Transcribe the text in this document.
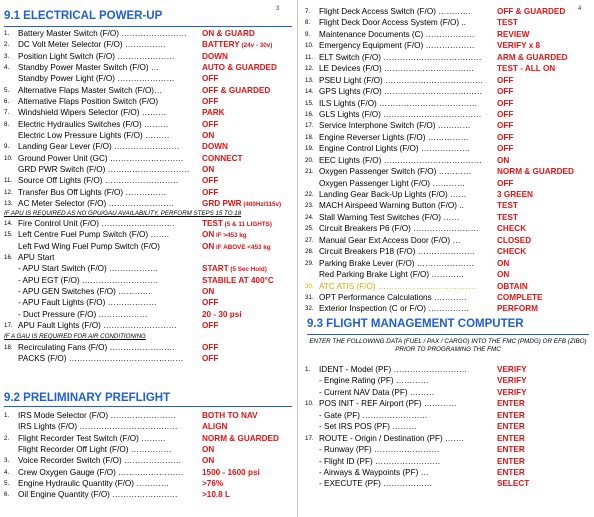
3
9.1 ELECTRICAL POWER-UP
1.	Battery Master Switch (F/O) …………………… ON & GUARD
2.	DC Volt Meter Selector (F/O) ……………	BATTERY (24v - 30v)
3.	Position Light Switch (F/O) …………………	DOWN
4.	Standby Power Master Switch (F/O) …	AUTO & GUARDED
Standby Power Light (F/O) …………………	OFF
5.	Alternative Flaps Master Switch (F/O)…	OFF & GUARDED
6.	Alternative Flaps Position Switch (F/O)	OFF
7.	Windshield Wipers Selector (F/O) ………	PARK
8.	Electric Hydraulics Switches (F/O) ………	OFF
Electric Low Pressure Lights (F/O) ………	ON
9.	Landing Gear Lever (F/O) ……………………	DOWN
10. Ground Power Unit (GC) ……………………… CONNECT
GRD PWR Switch (F/O) ………………………… ON
11. Source Off Lights (F/O) ………………………	OFF
12. Transfer Bus Off Lights (F/O) ……………	OFF
13. AC Meter Selector (F/O) ……………………	GRD PWR (400Hz/115v)
IF APU IS REQUIRED AS NO GPU/GAU AVAILABILITY, PERFORM STEPS 15 TO 18
14. Fire Control Unit (F/O) ………………………	TEST (5 & 11 LIGHTS)
15. Left Centre Fuel Pump Switch (F/O) …….	ON IF >453 kg
Left Fwd Wing Fuel Pump Switch (F/O)	ON IF ABOVE <453 kg
16. APU Start
- APU Start Switch (F/O) ………………	START (5 Sec Hold)
- APU EGT (F/O) ……………………….	STABILE AT 400°C
- APU GEN Switches (F/O) …………	ON
- APU Fault Lights (F/O) ………………	OFF
- Duct Pressure (F/O) ………………	20 - 30 psi
17. APU Fault Lights (F/O) ………………………	OFF
IF A GAU IS REQUIRED FOR AIR CONDITIONING
18. Recirculating Fans (F/O) ……………………	OFF
PACKS (F/O) …………………………………… OFF
9.2 PRELIMINARY PREFLIGHT
1.	IRS Mode Selector (F/O) ……………………	BOTH TO NAV
IRS Lights (F/O) ………………………………	ALIGN
2.	Flight Recorder Test Switch (F/O) ………	NORM & GUARDED
Flight Recorder Off Light (F/O) ……………	ON
3.	Voice Recorder Switch (F/O) …………………	ON
4.	Crew Oxygen Gauge (F/O) …………………… 1500 - 1600 psi
5.	Engine Hydraulic Quantity (F/O) …………	>76%
6.	Oil Engine Quantity (F/O) ……………………	>10.8 L
4
7.	Flight Deck Access Switch (F/O) …………	OFF & GUARDED
8.	Flight Deck Door Access System (F/O) ..	TEST
9.	Maintenance Documents (C) ………………	REVIEW
10. Emergency Equipment (F/O) ………………	VERIFY x 8
11. ELT Switch (F/O) ……………………………… ARM & GUARDED
12. LE Devices (F/O) ……………………………	TEST - ALL ON
13. PSEU Light (F/O) ……………………………… OFF
14. GPS Lights (F/O) ……………………………… OFF
15. ILS Lights (F/O) ……………………………… OFF
16. GLS Lights (F/O) ……………………………… OFF
17. Service Interphone Switch (F/O) …………	OFF
18. Engine Reverser Lights (F/O) ……………	OFF
19. Engine Control Lights (F/O) ………………	OFF
20. EEC Lights (F/O) ……………………………… ON
21. Oxygen Passenger Switch (F/O) …………	NORM & GUARDED
Oxygen Passenger Light (F/O) …………	OFF
22. Landing Gear Back-Up Lights (F/O) ……	3 GREEN
23. MACH Airspeed Warning Button (F/O) ..	TEST
24. Stall Warning Test Switches (F/O) ……	TEST
25. Circuit Breakers P6 (F/O) …………………… CHECK
27. Manual Gear Ext Access Door (F/O) …	CLOSED
28. Circuit Breakers P18 (F/O) …………………	CHECK
29. Parking Brake Lever (F/O) …………………	ON
Red Parking Brake Light (F/O) …………	ON
30. ATC ATIS (F/O) ………………………………	OBTAIN
31. OPT Performance Calculations …………	COMPLETE
32. Exterior Inspection (C or F/O) ……………	PERFORM
9.3 FLIGHT MANAGEMENT COMPUTER
ENTER THE FOLLOWING DATA (FUEL / PAX / CARGO) INTO THE FMC (PMDG) OR EFB (ZIBO) PRIOR TO PROGRAMING THE FMC
1.	IDENT - Model (PF) ………………………	VERIFY
- Engine Rating (PF) …………	VERIFY
- Current NAV Data (PF) ………	VERIFY
10. POS INIT - REF Airport (PF) …………	ENTER
- Gate (PF) ……………………	ENTER
- Set IRS POS (PF) ………	ENTER
17. ROUTE - Origin / Destination (PF) …….	ENTER
- Runway (PF) ……………………	ENTER
- Flight ID (PF) ……………………	ENTER
- Airways & Waypoints (PF) …	ENTER
- EXECUTE (PF) ………………	SELECT
